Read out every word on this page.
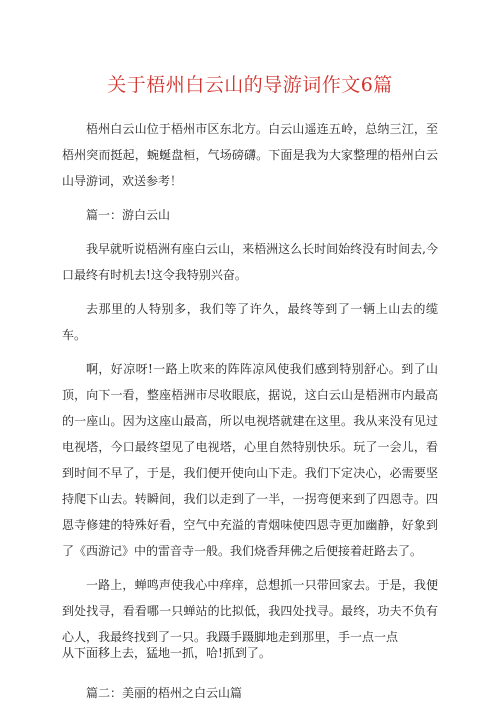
关于梧州白云山的导游词作文6篇

梧州白云山位于梧州市区东北方。白云山遥连五岭，总纳三江，至梧州突而挺起，蜿蜒盘桓，气场磅礴。下面是我为大家整理的梧州白云山导游词，欢送参考！

篇一：游白云山

我早就听说梧洲有座白云山，来梧洲这么长时间始终没有时间去,今口最终有时机去!这令我特别兴奋。

去那里的人特别多，我们等了许久，最终等到了一辆上山去的缆车。

啊，好凉呀!一路上吹来的阵阵凉风使我们感到特别舒心。到了山顶，向下一看，整座梧洲市尽收眼底，据说，这白云山是梧洲市内最高的一座山。因为这座山最高，所以电视塔就建在这里。我从来没有见过电视塔，今口最终望见了电视塔，心里自然特别快乐。玩了一会儿，看到时间不早了，于是，我们便开使向山下走。我们下定决心，必需要坚持爬下山去。转瞬间，我们以走到了一半，一拐弯便来到了四恩寺。四恩寺修建的特殊好看，空气中充溢的青烟味使四恩寺更加幽静，好象到了《西游记》中的雷音寺一般。我们烧香拜佛之后便接着赶路去了。

一路上，蝉鸣声使我心中痒痒，总想抓一只带回家去。于是，我便到处找寻，看看哪一只蝉站的比拟低，我四处找寻。最终，功夫不负有心人，我最终找到了一只。我蹑手蹑脚地走到那里，手一点一点

从下面移上去，猛地一抓，哈!抓到了。

篇二：美丽的梧州之白云山篇
